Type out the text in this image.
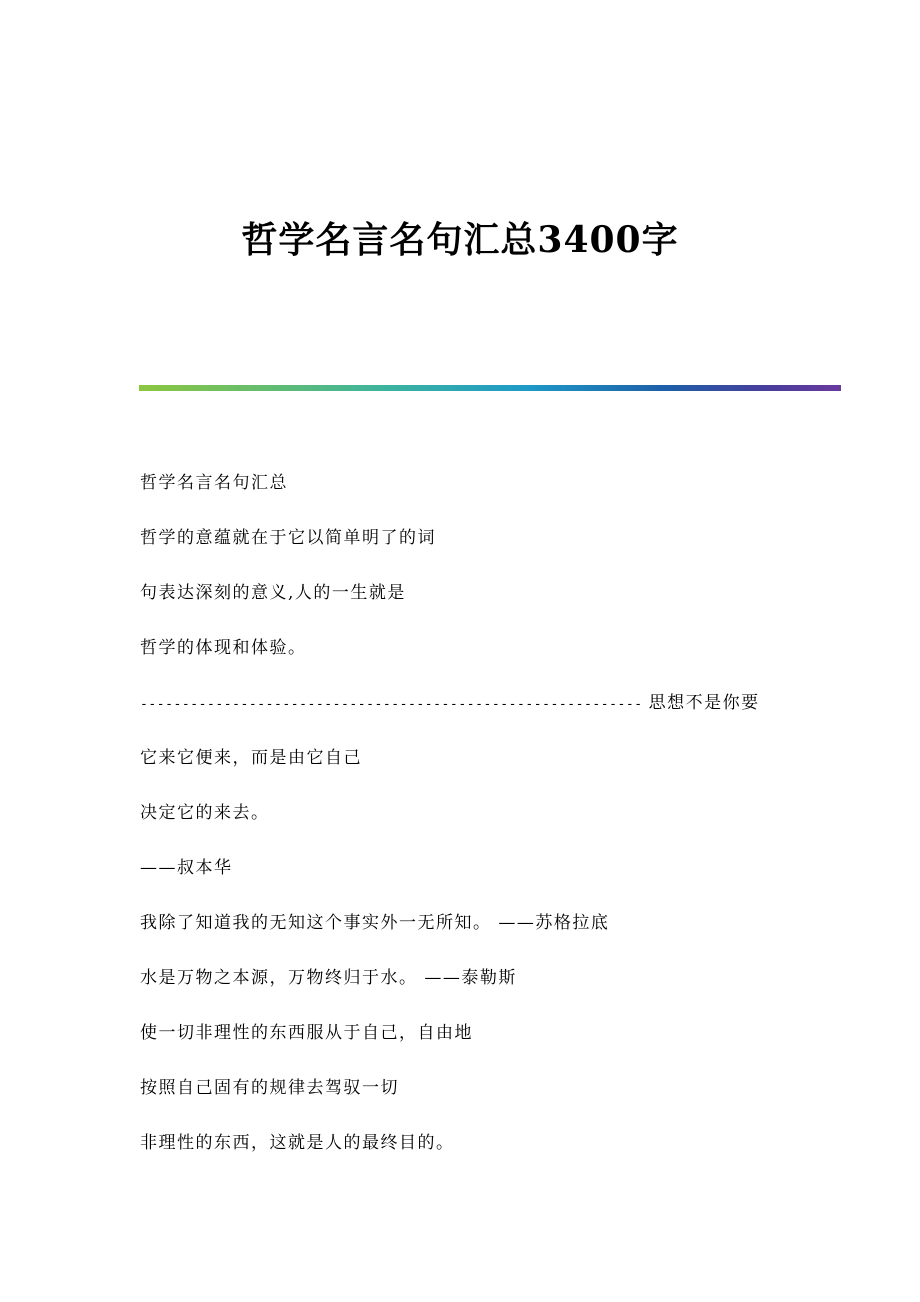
哲学名言名句汇总3400字

哲学名言名句汇总

哲学的意蕴就在于它以简单明了的词

句表达深刻的意义,人的一生就是

哲学的体现和体验。

------------------------------------------------------------ 思想不是你要

它来它便来，而是由它自己

决定它的来去。

——叔本华

我除了知道我的无知这个事实外一无所知。 ——苏格拉底

水是万物之本源，万物终归于水。 ——泰勒斯

使一切非理性的东西服从于自己，自由地

按照自己固有的规律去驾驭一切

非理性的东西，这就是人的最终目的。
